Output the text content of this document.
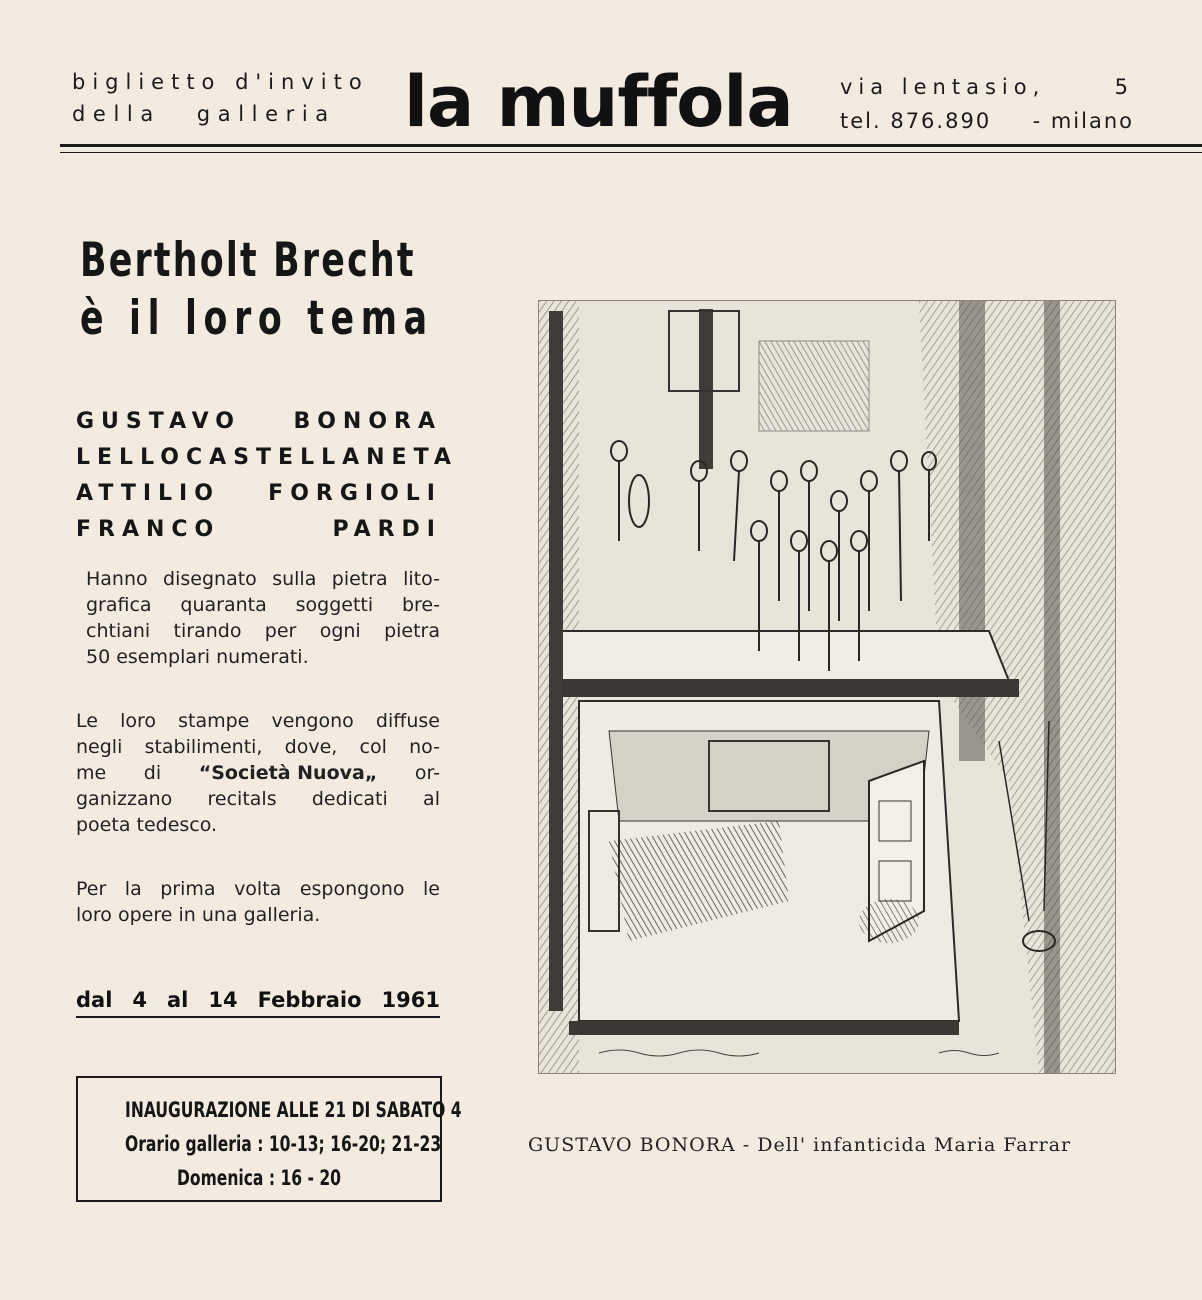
biglietto d'invito
della galleria la muffola via lentasio,	5
tel. 876.890 - milano
Bertholt Brecht
è il loro tema
GUSTAVO BONORA
LELLO CASTELLANETA
ATTILIO FORGIOLI
FRANCO	PARDI
Hanno disegnato sulla pietra lito-
grafica quaranta soggetti bre-
chtiani tirando per ogni pietra
50 esemplari numerati.
Le loro stampe vengono diffuse
negli stabilimenti, dove, col no-
me di “Società Nuova„ or-
ganizzano recitals dedicati al
poeta tedesco.
Per la prima volta espongono le
loro opere in una galleria.
dal 4 al 14 Febbraio 1961
INAUGURAZIONE ALLE 21 DI SABATO 4
Orario galleria : 10-13; 16-20; 21-23
Domenica : 16 - 20
GUSTAVO BONORA - Dell' infanticida Maria Farrar
